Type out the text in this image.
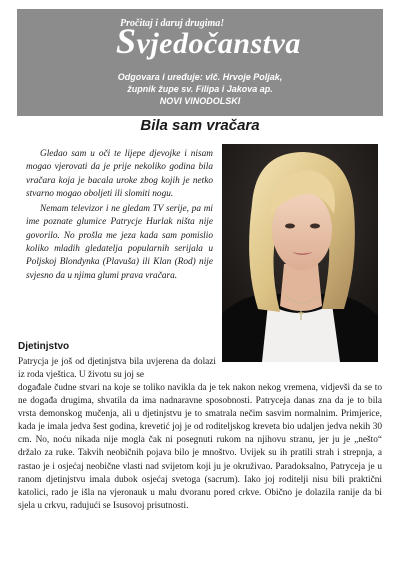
Pročitaj i daruj drugima!
Svjedočanstva
Odgovara i uređuje: vlč. Hrvoje Poljak,
župnik župe sv. Filipa i Jakova ap.
NOVI VINODOLSKI
Bila sam vračara

Gledao sam u oči te lijepe djevojke i nisam mogao vjerovati da je prije nekoliko godina bila vračara koja je bacala uroke zbog kojih je netko stvarno mogao oboljeti ili slomiti nogu.

Nemam televizor i ne gledam TV serije, pa mi ime poznate glumice Patrycje Hurlak ništa nije govorilo. No prošla me jeza kada sam pomislio koliko mladih gledatelja popularnih serijala u Poljskoj Blondynka (Plavuša) ili Klan (Rod) nije svjesno da u njima glumi prava vračara.

Djetinjstvo
Patrycja je još od djetinjstva bila uvjerena da dolazi iz roda vještica. U životu su joj se
događale čudne stvari na koje se toliko navikla da je tek nakon nekog vremena, vidjevši da se to ne događa drugima, shvatila da ima nadnaravne sposobnosti. Patryceja danas zna da je to bila vrsta demonskog mučenja, ali u djetinjstvu je to smatrala nečim sasvim normalnim. Primjerice, kada je imala jedva šest godina, krevetić joj je od roditeljskog kreveta bio udaljen jedva nekih 30 cm. No, noću nikada nije mogla čak ni posegnuti rukom na njihovu stranu, jer ju je „nešto“ držalo za ruke. Takvih neobičnih pojava bilo je mnoštvo. Uvijek su ih pratili strah i strepnja, a rastao je i osjećaj neobične vlasti nad svijetom koji ju je okruživao. Paradoksalno, Patryceja je u ranom djetinjstvu imala dubok osjećaj svetoga (sacrum). Iako joj roditelji nisu bili praktični katolici, rado je išla na vjeronauk u malu dvoranu pored crkve. Obično je dolazila ranije da bi sjela u crkvu, radujući se Isusovoj prisutnosti.
